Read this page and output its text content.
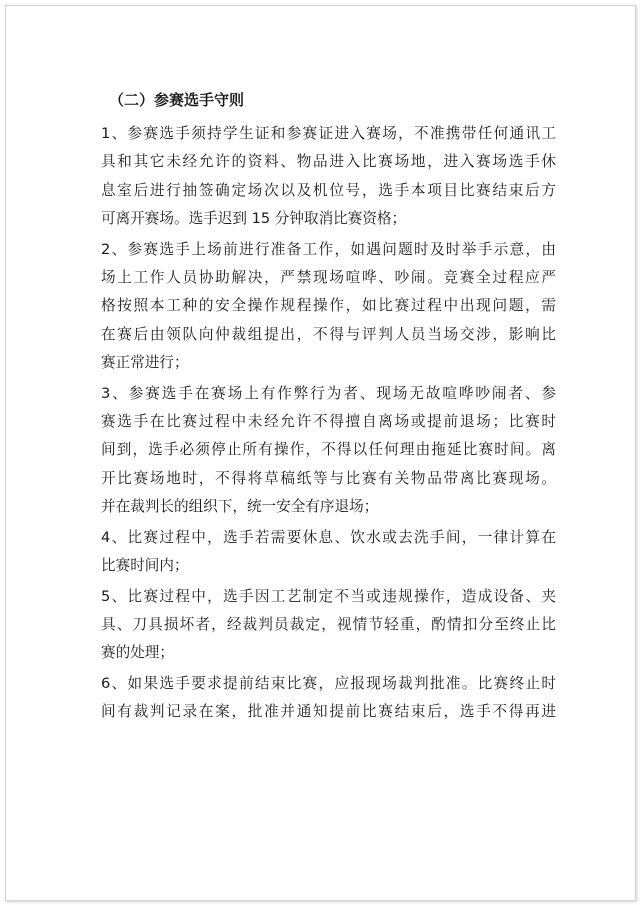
（二）参赛选手守则
1、参赛选手须持学生证和参赛证进入赛场，不准携带任何通讯工
具和其它未经允许的资料、物品进入比赛场地，进入赛场选手休
息室后进行抽签确定场次以及机位号，选手本项目比赛结束后方
可离开赛场。选手迟到 15 分钟取消比赛资格；
2、参赛选手上场前进行准备工作，如遇问题时及时举手示意，由
场上工作人员协助解决，严禁现场喧哗、吵闹。竞赛全过程应严
格按照本工种的安全操作规程操作，如比赛过程中出现问题，需
在赛后由领队向仲裁组提出，不得与评判人员当场交涉，影响比
赛正常进行；
3、参赛选手在赛场上有作弊行为者、现场无故喧哗吵闹者、参
赛选手在比赛过程中未经允许不得擅自离场或提前退场；比赛时
间到，选手必须停止所有操作，不得以任何理由拖延比赛时间。离
开比赛场地时，不得将草稿纸等与比赛有关物品带离比赛现场。
并在裁判长的组织下，统一安全有序退场；
4、比赛过程中，选手若需要休息、饮水或去洗手间，一律计算在
比赛时间内；
5、比赛过程中，选手因工艺制定不当或违规操作，造成设备、夹
具、刀具损坏者，经裁判员裁定，视情节轻重，酌情扣分至终止比
赛的处理；
6、如果选手要求提前结束比赛，应报现场裁判批准。比赛终止时
间有裁判记录在案，批准并通知提前比赛结束后，选手不得再进
